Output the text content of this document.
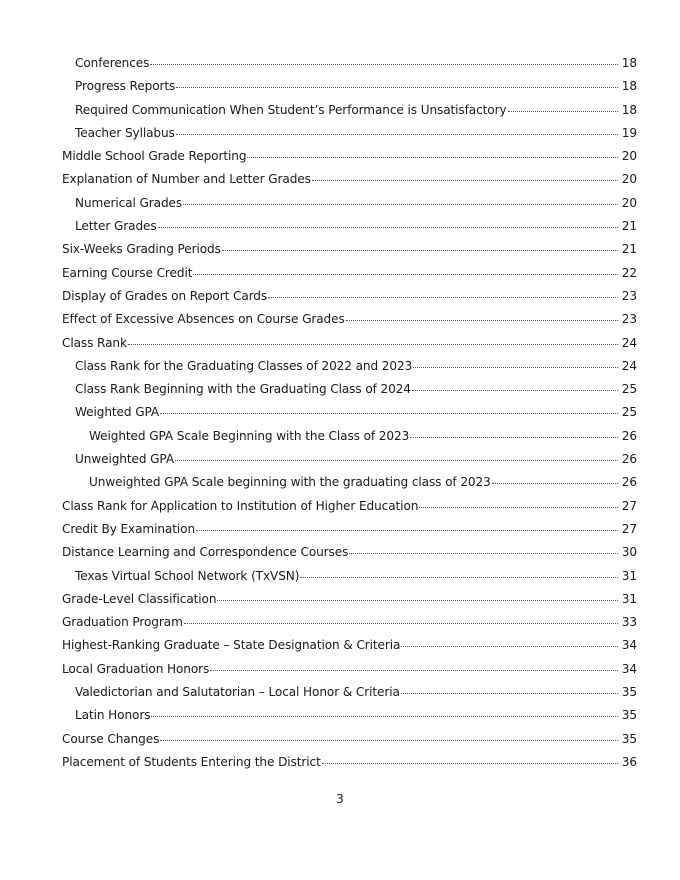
Conferences	18
Progress Reports	18
Required Communication When Student’s Performance is Unsatisfactory	18
Teacher Syllabus	19
Middle School Grade Reporting	20
Explanation of Number and Letter Grades	20
Numerical Grades	20
Letter Grades	21
Six-Weeks Grading Periods	21
Earning Course Credit	22
Display of Grades on Report Cards	23
Effect of Excessive Absences on Course Grades	23
Class Rank	24
Class Rank for the Graduating Classes of 2022 and 2023	24
Class Rank Beginning with the Graduating Class of 2024	25
Weighted GPA	25
Weighted GPA Scale Beginning with the Class of 2023	26
Unweighted GPA	26
Unweighted GPA Scale beginning with the graduating class of 2023	26
Class Rank for Application to Institution of Higher Education	27
Credit By Examination	27
Distance Learning and Correspondence Courses	30
Texas Virtual School Network (TxVSN)	31
Grade-Level Classification	31
Graduation Program	33
Highest-Ranking Graduate – State Designation & Criteria	34
Local Graduation Honors	34
Valedictorian and Salutatorian – Local Honor & Criteria	35
Latin Honors	35
Course Changes	35
Placement of Students Entering the District	36
3
